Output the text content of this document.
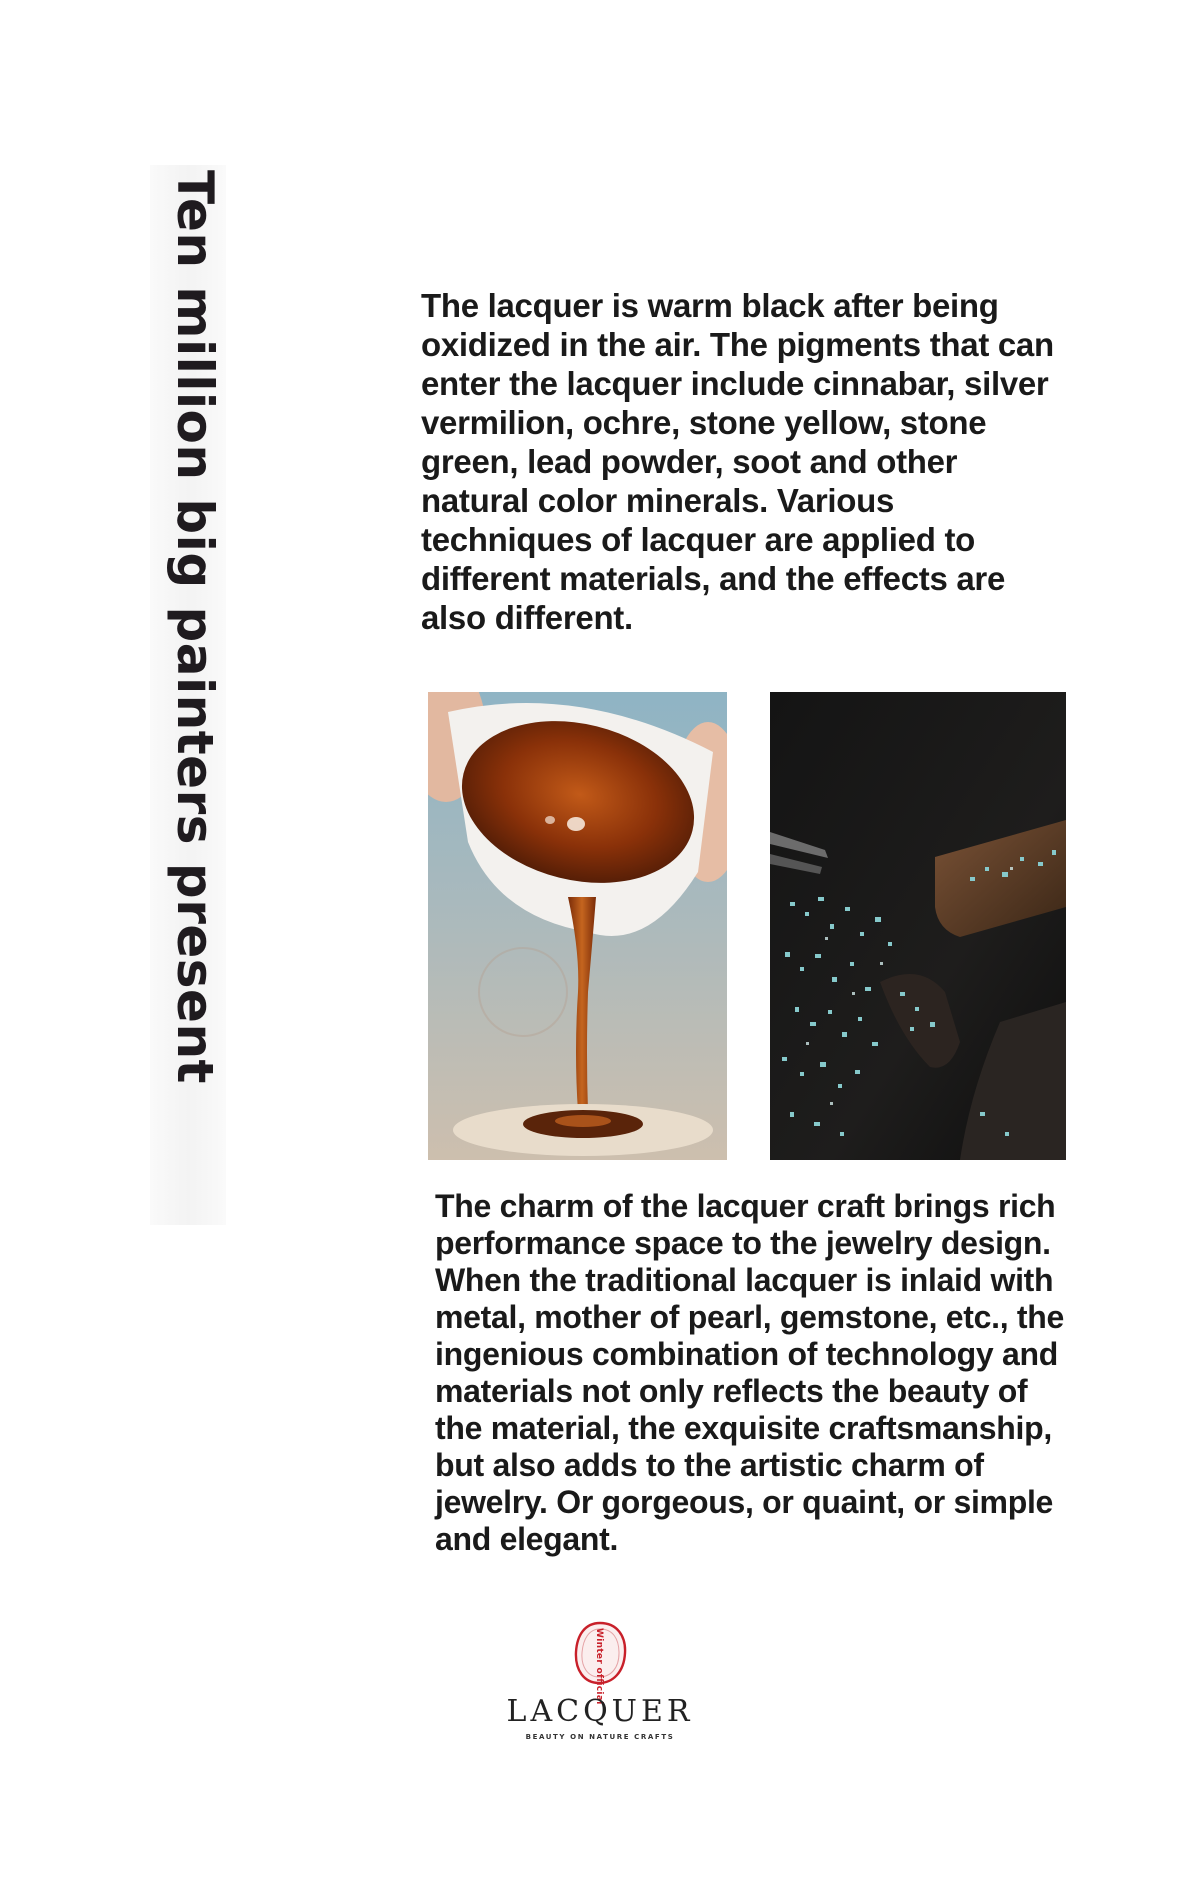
Ten million big painters present	The lacquer is warm black after being oxidized in the air. The pigments that can enter the lacquer include cinnabar, silver vermilion, ochre, stone yellow, stone green, lead powder, soot and other natural color minerals. Various techniques of lacquer are applied to different materials, and the effects are also different.

The charm of the lacquer craft brings rich performance space to the jewelry design. When the traditional lacquer is inlaid with metal, mother of pearl, gemstone, etc., the ingenious combination of technology and materials not only reflects the beauty of the material, the exquisite craftsmanship, but also adds to the artistic charm of jewelry. Or gorgeous, or quaint, or simple and elegant.

Winter official
LACQUER
BEAUTY ON NATURE CRAFTS
